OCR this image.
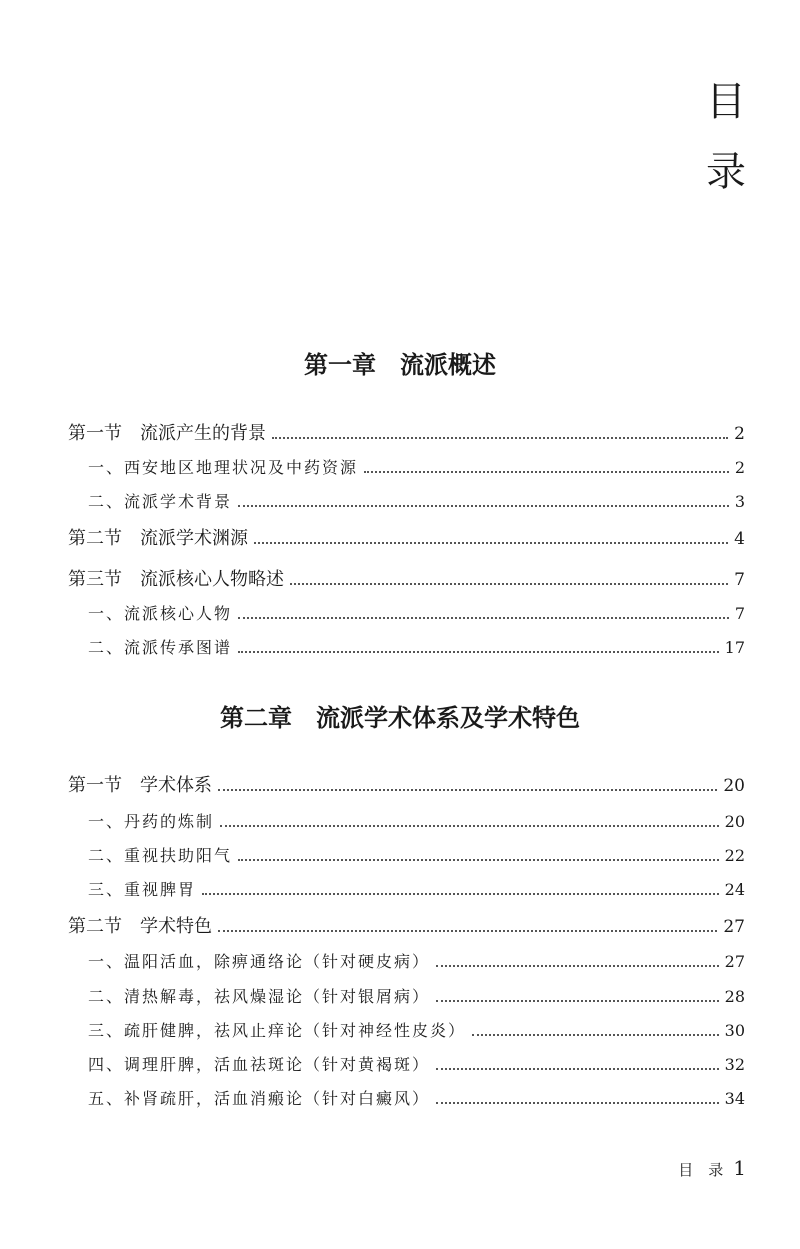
目
录
第一章　流派概述
第一节　流派产生的背景	2
一、西安地区地理状况及中药资源	2
二、流派学术背景	3
第二节　流派学术渊源	4
第三节　流派核心人物略述	7
一、流派核心人物	7
二、流派传承图谱	17
第二章　流派学术体系及学术特色
第一节　学术体系	20
一、丹药的炼制	20
二、重视扶助阳气	22
三、重视脾胃	24
第二节　学术特色	27
一、温阳活血，除痹通络论（针对硬皮病）	27
二、清热解毒，祛风燥湿论（针对银屑病）	28
三、疏肝健脾，祛风止痒论（针对神经性皮炎）	30
四、调理肝脾，活血祛斑论（针对黄褐斑）	32
五、补肾疏肝，活血消瘢论（针对白癜风）	34

目　录 1
